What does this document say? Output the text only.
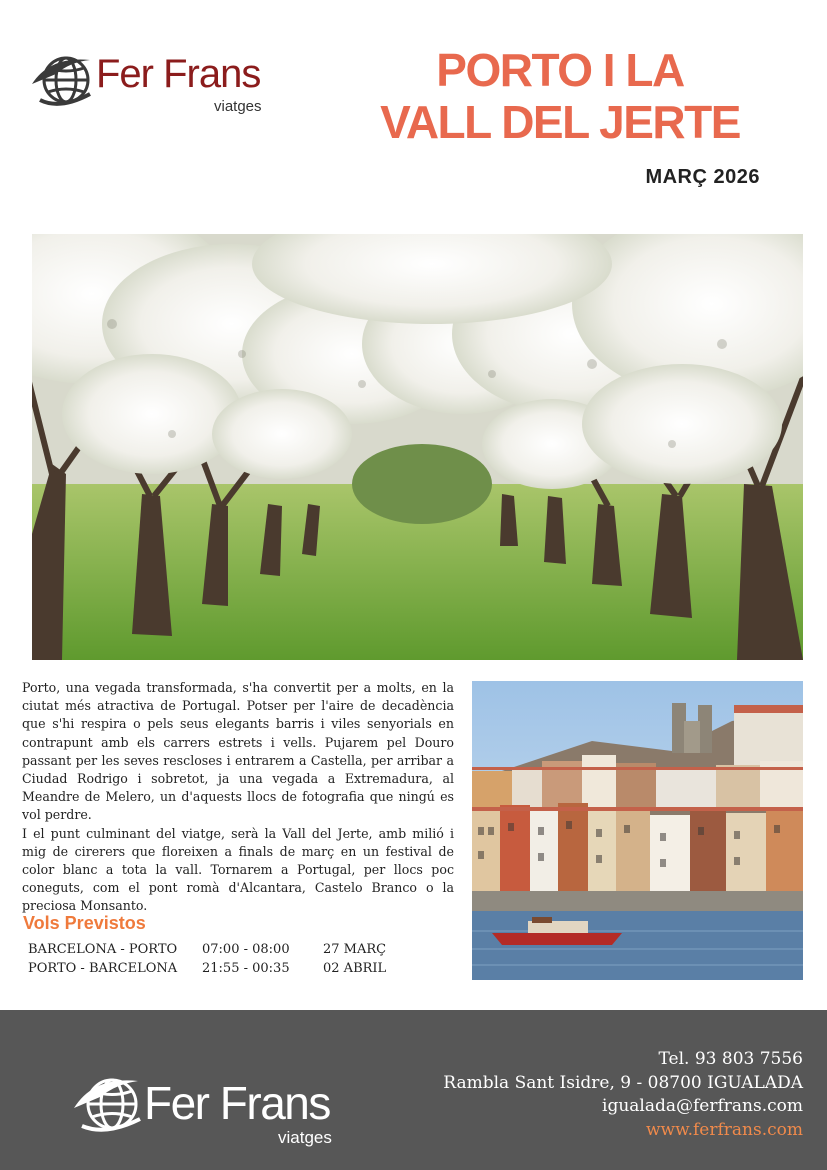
Fer Frans
viatges
PORTO I LA
VALL DEL JERTE
MARÇ 2026

Porto, una vegada transformada, s'ha convertit per a molts, en la ciutat més atractiva de Portugal. Potser per l'aire de decadència que s'hi respira o pels seus elegants barris i viles senyorials en contrapunt amb els carrers estrets i vells. Pujarem pel Douro passant per les seves rescloses i entrarem a Castella, per arribar a Ciudad Rodrigo i sobretot, ja una vegada a Extremadura, al Meandre de Melero, un d'aquests llocs de fotografia que ningú es vol perdre.

I el punt culminant del viatge, serà la Vall del Jerte, amb milió i mig de cirerers que floreixen a finals de març en un festival de color blanc a tota la vall. Tornarem a Portugal, per llocs poc coneguts, com el pont romà d'Alcantara, Castelo Branco o la preciosa Monsanto.

Vols Previstos
BARCELONA - PORTO	07:00 - 08:00	27 MARÇ
PORTO - BARCELONA	21:55 - 00:35	02 ABRIL
Fer Frans
viatges
Tel. 93 803 7556
Rambla Sant Isidre, 9 - 08700 IGUALADA
igualada@ferfrans.com
www.ferfrans.com
